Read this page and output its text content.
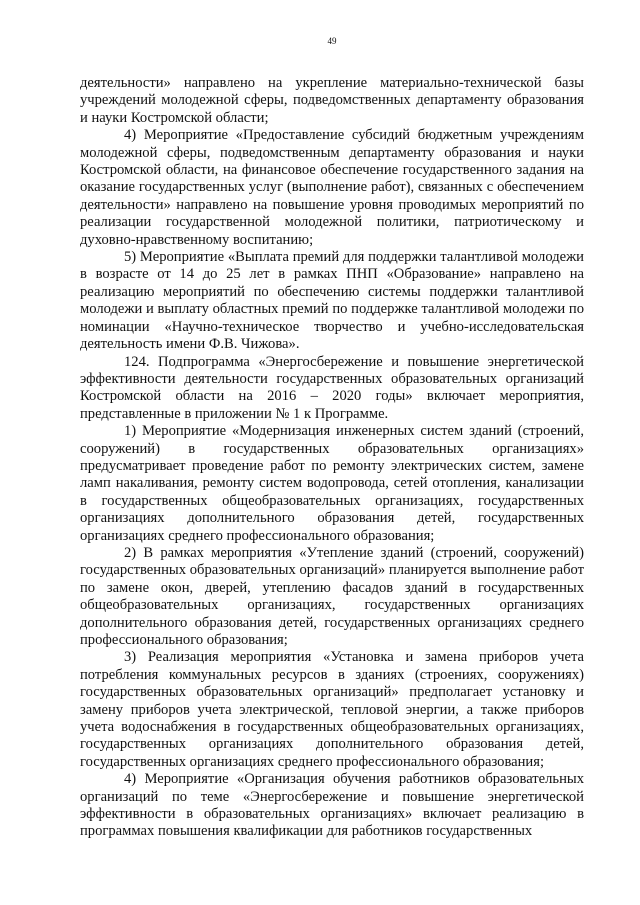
49

деятельности» направлено на укрепление материально-технической базы учреждений молодежной сферы, подведомственных департаменту образования и науки Костромской области;

4) Мероприятие «Предоставление субсидий бюджетным учреждениям молодежной сферы, подведомственным департаменту образования и науки Костромской области, на финансовое обеспечение государственного задания на оказание государственных услуг (выполнение работ), связанных с обеспечением деятельности» направлено на повышение уровня проводимых мероприятий по реализации государственной молодежной политики, патриотическому и духовно-нравственному воспитанию;

5) Мероприятие «Выплата премий для поддержки талантливой молодежи в возрасте от 14 до 25 лет в рамках ПНП «Образование» направлено на реализацию мероприятий по обеспечению системы поддержки талантливой молодежи и выплату областных премий по поддержке талантливой молодежи по номинации «Научно-техническое творчество и учебно-исследовательская деятельность имени Ф.В. Чижова».

124. Подпрограмма «Энергосбережение и повышение энергетической эффективности деятельности государственных образовательных организаций Костромской области на 2016 – 2020 годы» включает мероприятия, представленные в приложении № 1 к Программе.

1) Мероприятие «Модернизация инженерных систем зданий (строений, сооружений) в государственных образовательных организациях» предусматривает проведение работ по ремонту электрических систем, замене ламп накаливания, ремонту систем водопровода, сетей отопления, канализации в государственных общеобразовательных организациях, государственных организациях дополнительного образования детей, государственных организациях среднего профессионального образования;

2) В рамках мероприятия «Утепление зданий (строений, сооружений) государственных образовательных организаций» планируется выполнение работ по замене окон, дверей, утеплению фасадов зданий в государственных общеобразовательных организациях, государственных организациях дополнительного образования детей, государственных организациях среднего профессионального образования;

3) Реализация мероприятия «Установка и замена приборов учета потребления коммунальных ресурсов в зданиях (строениях, сооружениях) государственных образовательных организаций» предполагает установку и замену приборов учета электрической, тепловой энергии, а также приборов учета водоснабжения в государственных общеобразовательных организациях, государственных организациях дополнительного образования детей, государственных организациях среднего профессионального образования;

4) Мероприятие «Организация обучения работников образовательных организаций по теме «Энергосбережение и повышение энергетической эффективности в образовательных организациях» включает реализацию в программах повышения квалификации для работников государственных
